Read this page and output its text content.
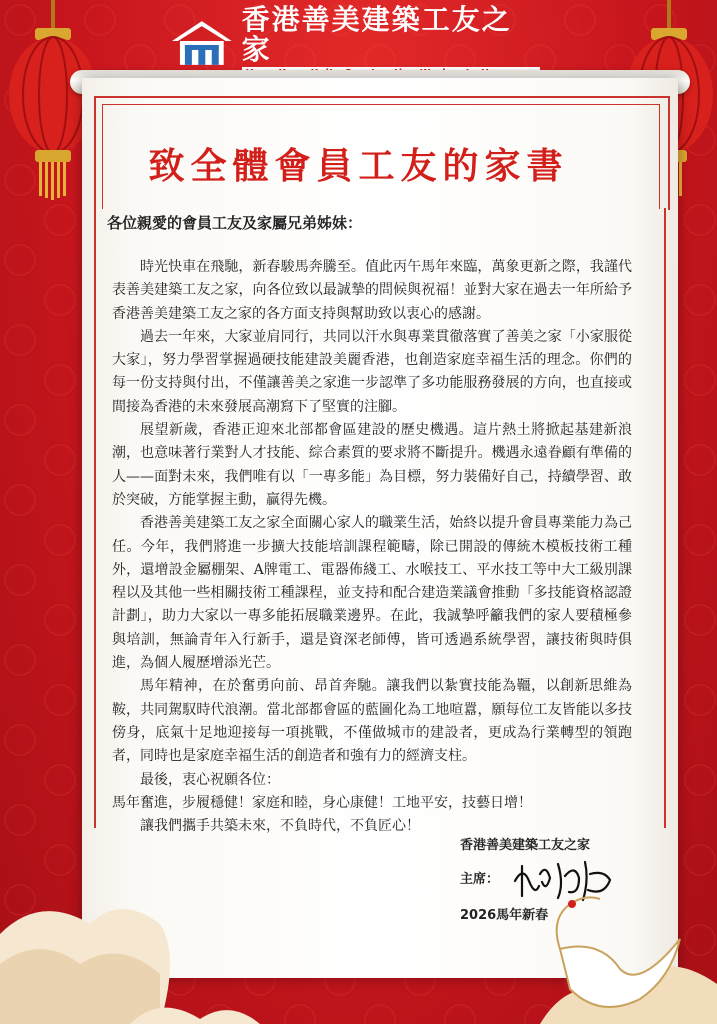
香港善美建築工友之家
致全體會員工友的家書
各位親愛的會員工友及家屬兄弟姊妹：

時光快車在飛馳，新春駿馬奔騰至。值此丙午馬年來臨，萬象更新之際，我謹代表善美建築工友之家，向各位致以最誠摯的問候與祝福！並對大家在過去一年所給予香港善美建築工友之家的各方面支持與幫助致以衷心的感謝。

過去一年來，大家並肩同行，共同以汗水與專業貫徹落實了善美之家「小家服從大家」，努力學習掌握過硬技能建設美麗香港，也創造家庭幸福生活的理念。你們的每一份支持與付出，不僅讓善美之家進一步認準了多功能服務發展的方向，也直接或間接為香港的未來發展高潮寫下了堅實的注腳。

展望新歲，香港正迎來北部都會區建設的歷史機遇。這片熱土將掀起基建新浪潮，也意味著行業對人才技能、綜合素質的要求將不斷提升。機遇永遠眷顧有準備的人——面對未來，我們唯有以「一專多能」為目標，努力裝備好自己，持續學習、敢於突破，方能掌握主動，贏得先機。

香港善美建築工友之家全面關心家人的職業生活，始終以提升會員專業能力為己任。今年，我們將進一步擴大技能培訓課程範疇，除已開設的傳統木模板技術工種外，還增設金屬棚架、A牌電工、電器佈綫工、水喉技工、平水技工等中大工級別課程以及其他一些相關技術工種課程，並支持和配合建造業議會推動「多技能資格認證計劃」，助力大家以一專多能拓展職業邊界。在此，我誠摯呼籲我們的家人要積極參與培訓，無論青年入行新手，還是資深老師傅，皆可透過系統學習，讓技術與時俱進，為個人履歷增添光芒。

馬年精神，在於奮勇向前、昂首奔馳。讓我們以紮實技能為韁，以創新思維為鞍，共同駕馭時代浪潮。當北部都會區的藍圖化為工地喧囂，願每位工友皆能以多技傍身，底氣十足地迎接每一項挑戰，不僅做城市的建設者，更成為行業轉型的領跑者，同時也是家庭幸福生活的創造者和強有力的經濟支柱。

最後，衷心祝願各位：

馬年奮進，步履穩健！家庭和睦，身心康健！工地平安，技藝日增！

讓我們攜手共築未來，不負時代，不負匠心！

香港善美建築工友之家
主席：
2026馬年新春
